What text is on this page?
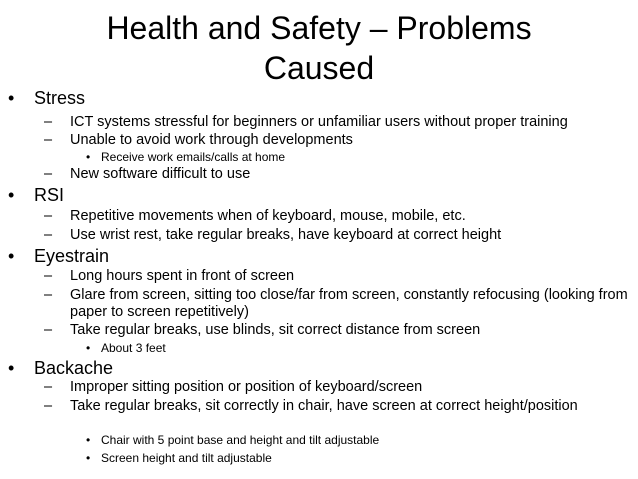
Health and Safety – Problems
Caused
• Stress
– ICT systems stressful for beginners or unfamiliar users without proper training
– Unable to avoid work through developments
• Receive work emails/calls at home
– New software difficult to use
• RSI
– Repetitive movements when of keyboard, mouse, mobile, etc.
– Use wrist rest, take regular breaks, have keyboard at correct height
• Eyestrain
– Long hours spent in front of screen
– Glare from screen, sitting too close/far from screen, constantly refocusing (looking from paper to screen repetitively)
– Take regular breaks, use blinds, sit correct distance from screen
• About 3 feet
• Backache
– Improper sitting position or position of keyboard/screen
– Take regular breaks, sit correctly in chair, have screen at correct height/position
• Chair with 5 point base and height and tilt adjustable
• Screen height and tilt adjustable
